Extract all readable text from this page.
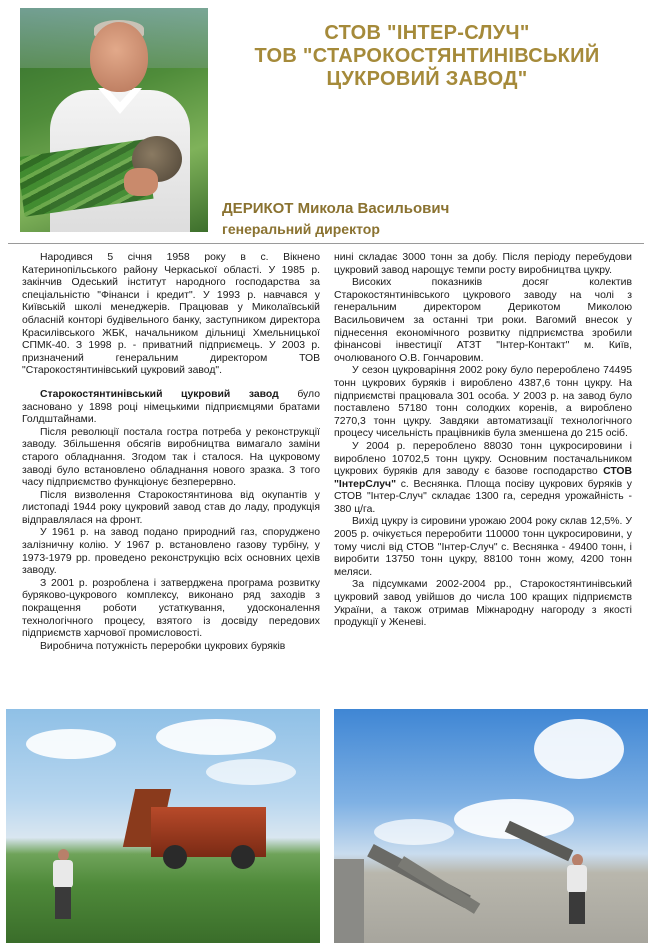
СТОВ "ІНТЕР-СЛУЧ"
ТОВ "СТАРОКОСТЯНТИНІВСЬКИЙ
ЦУКРОВИЙ ЗАВОД"
ДЕРИКОТ Микола Васильович
генеральний директор

Народився 5 січня 1958 року в с. Вікнено Катеринопільського району Черкаської області. У 1985 р. закінчив Одеський інститут народного господарства за спеціальністю "Фінанси і кредит". У 1993 р. навчався у Київській школі менеджерів. Працював у Миколаївській обласній конторі будівельного банку, заступником директора Красилівського ЖБК, начальником дільниці Хмельницької СПМК-40. З 1998 р. - приватний підприємець. У 2003 р. призначений генеральним директором ТОВ "Старокостянтинівський цукровий завод".

Старокостянтинівський цукровий завод було засновано у 1898 році німецькими підприємцями братами Голдштайнами.

Після революції постала гостра потреба у реконструкції заводу. Збільшення обсягів виробництва вимагало заміни старого обладнання. Згодом так і сталося. На цукровому заводі було встановлено обладнання нового зразка. З того часу підприємство функціонує безперервно.

Після визволення Старокостянтинова від окупантів у листопаді 1944 року цукровий завод став до ладу, продукція відправлялася на фронт.

У 1961 р. на завод подано природний газ, споруджено залізничну колію. У 1967 р. встановлено газову турбіну, у 1973-1979 рр. проведено реконструкцію всіх основних цехів заводу.

З 2001 р. розроблена і затверджена програма розвитку буряково-цукрового комплексу, виконано ряд заходів з покращення роботи устаткування, удосконалення технологічного процесу, взятого із досвіду передових підприємств харчової промисловості.

Виробнича потужність переробки цукрових буряків

нині складає 3000 тонн за добу. Після періоду перебудови цукровий завод нарощує темпи росту виробництва цукру.

Високих показників досяг колектив Старокостянтинівського цукрового заводу на чолі з генеральним директором Дерикотом Миколою Васильовичем за останні три роки. Вагомий внесок у піднесення економічного розвитку підприємства зробили фінансові інвестиції АТЗТ "Інтер-Контакт" м. Київ, очолюваного О.В. Гончаровим.

У сезон цукроваріння 2002 року було перероблено 74495 тонн цукрових буряків і вироблено 4387,6 тонн цукру. На підприємстві працювала 301 особа. У 2003 р. на завод було поставлено 57180 тонн солодких коренів, а вироблено 7270,3 тонн цукру. Завдяки автоматизації технологічного процесу чисельність працівників була зменшена до 215 осіб.

У 2004 р. перероблено 88030 тонн цукросировини і вироблено 10702,5 тонн цукру. Основним постачальником цукрових буряків для заводу є базове господарство СТОВ "ІнтерСлуч" с. Веснянка. Площа посіву цукрових буряків у СТОВ "Інтер-Случ" складає 1300 га, середня урожайність - 380 ц/га.

Вихід цукру із сировини урожаю 2004 року склав 12,5%. У 2005 р. очікується переробити 110000 тонн цукросировини, у тому числі від СТОВ "Інтер-Случ" с. Веснянка - 49400 тонн, і виробити 13750 тонн цукру, 88100 тонн жому, 4200 тонн меляси.

За підсумками 2002-2004 рр., Старокостянтинівський цукровий завод увійшов до числа 100 кращих підприємств України, а також отримав Міжнародну нагороду з якості продукції у Женеві.
